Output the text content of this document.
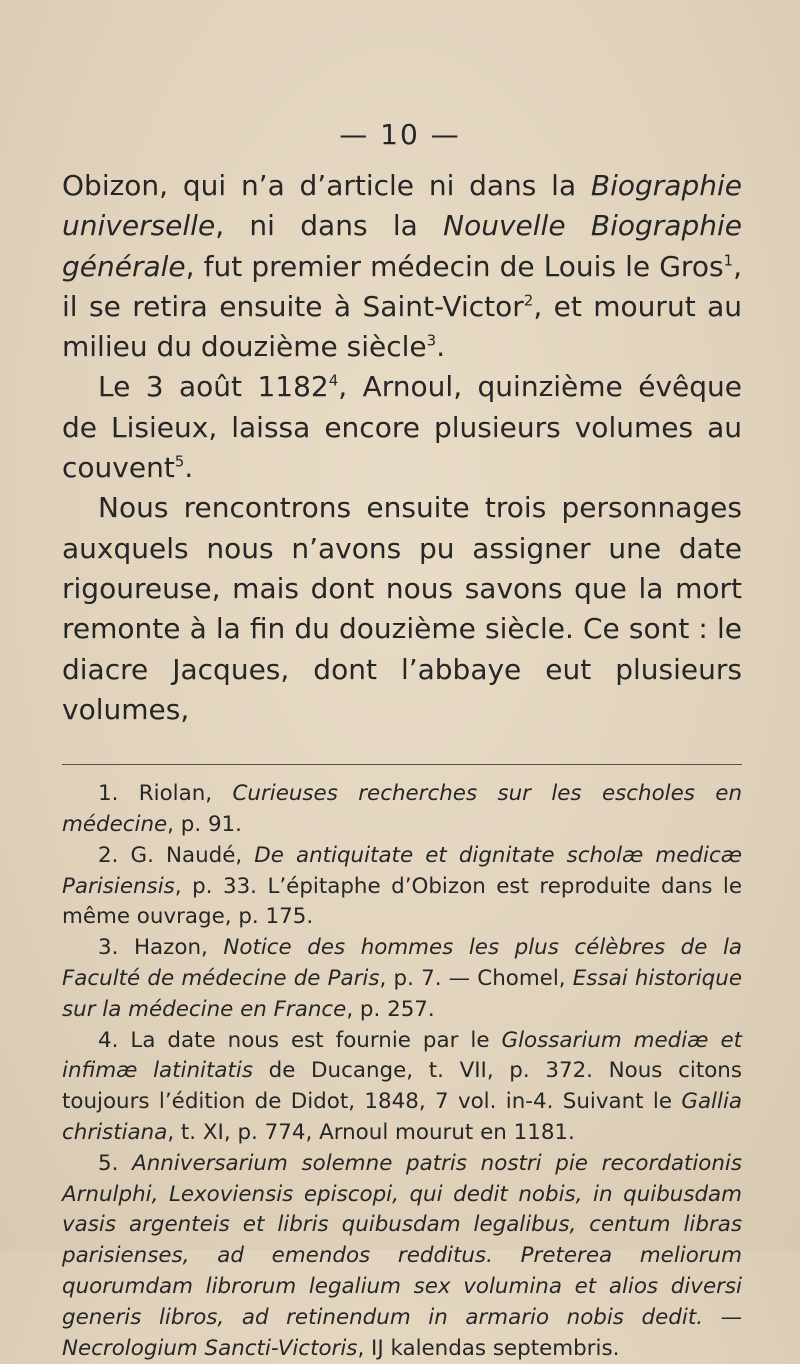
— 10 —

Obizon, qui n’a d’article ni dans la Biographie universelle, ni dans la Nouvelle Biographie générale, fut premier médecin de Louis le Gros$^1$, il se retira ensuite à Saint-Victor$^2$, et mourut au milieu du douzième siècle$^3$.

Le 3 août 1182$^4$, Arnoul, quinzième évêque de Lisieux, laissa encore plusieurs volumes au couvent$^5$.

Nous rencontrons ensuite trois personnages auxquels nous n’avons pu assigner une date rigoureuse, mais dont nous savons que la mort remonte à la fin du douzième siècle. Ce sont : le diacre Jacques, dont l’abbaye eut plusieurs volumes,

1. Riolan, Curieuses recherches sur les escholes en médecine, p. 91.

2. G. Naudé, De antiquitate et dignitate scholæ medicæ Parisiensis, p. 33. L’épitaphe d’Obizon est reproduite dans le même ouvrage, p. 175.

3. Hazon, Notice des hommes les plus célèbres de la Faculté de médecine de Paris, p. 7. — Chomel, Essai historique sur la médecine en France, p. 257.

4. La date nous est fournie par le Glossarium mediæ et infimæ latinitatis de Ducange, t. VII, p. 372. Nous citons toujours l’édition de Didot, 1848, 7 vol. in-4. Suivant le Gallia christiana, t. XI, p. 774, Arnoul mourut en 1181.

5. Anniversarium solemne patris nostri pie recordationis Arnulphi, Lexoviensis episcopi, qui dedit nobis, in quibusdam vasis argenteis et libris quibusdam legalibus, centum libras parisienses, ad emendos redditus. Preterea meliorum quorumdam librorum legalium sex volumina et alios diversi generis libros, ad retinendum in armario nobis dedit. — Necrologium Sancti-Victoris, IJ kalendas septembris.
